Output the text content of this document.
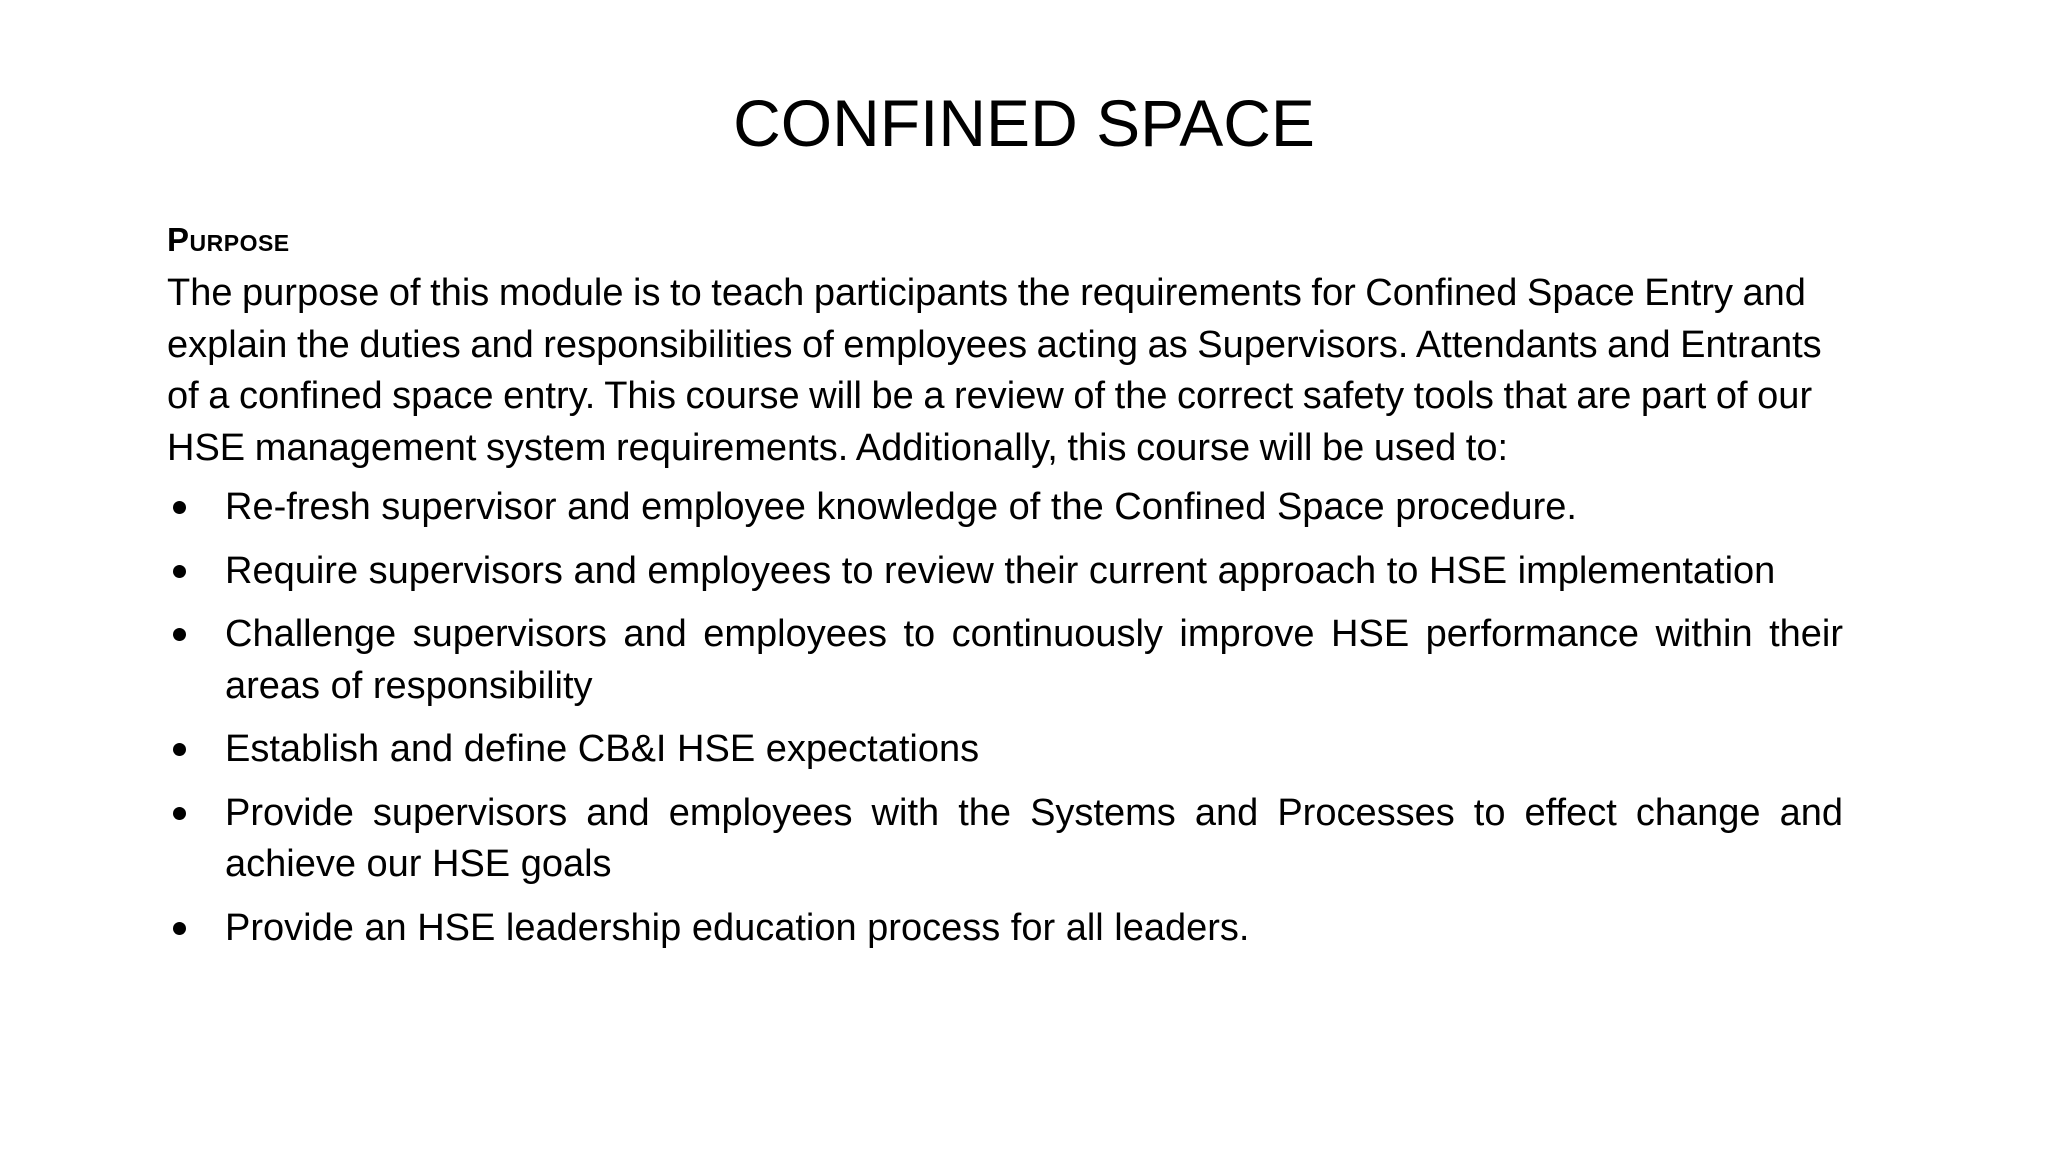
CONFINED SPACE
Purpose

The purpose of this module is to teach participants the requirements for Confined Space Entry and explain the duties and responsibilities of employees acting as Supervisors. Attendants and Entrants of a confined space entry. This course will be a review of the correct safety tools that are part of our HSE management system requirements. Additionally, this course will be used to:

Re-fresh supervisor and employee knowledge of the Confined Space procedure.
Require supervisors and employees to review their current approach to HSE implementation
Challenge supervisors and employees to continuously improve HSE performance within their areas of responsibility
Establish and define CB&I HSE expectations
Provide supervisors and employees with the Systems and Processes to effect change and achieve our HSE goals
Provide an HSE leadership education process for all leaders.
